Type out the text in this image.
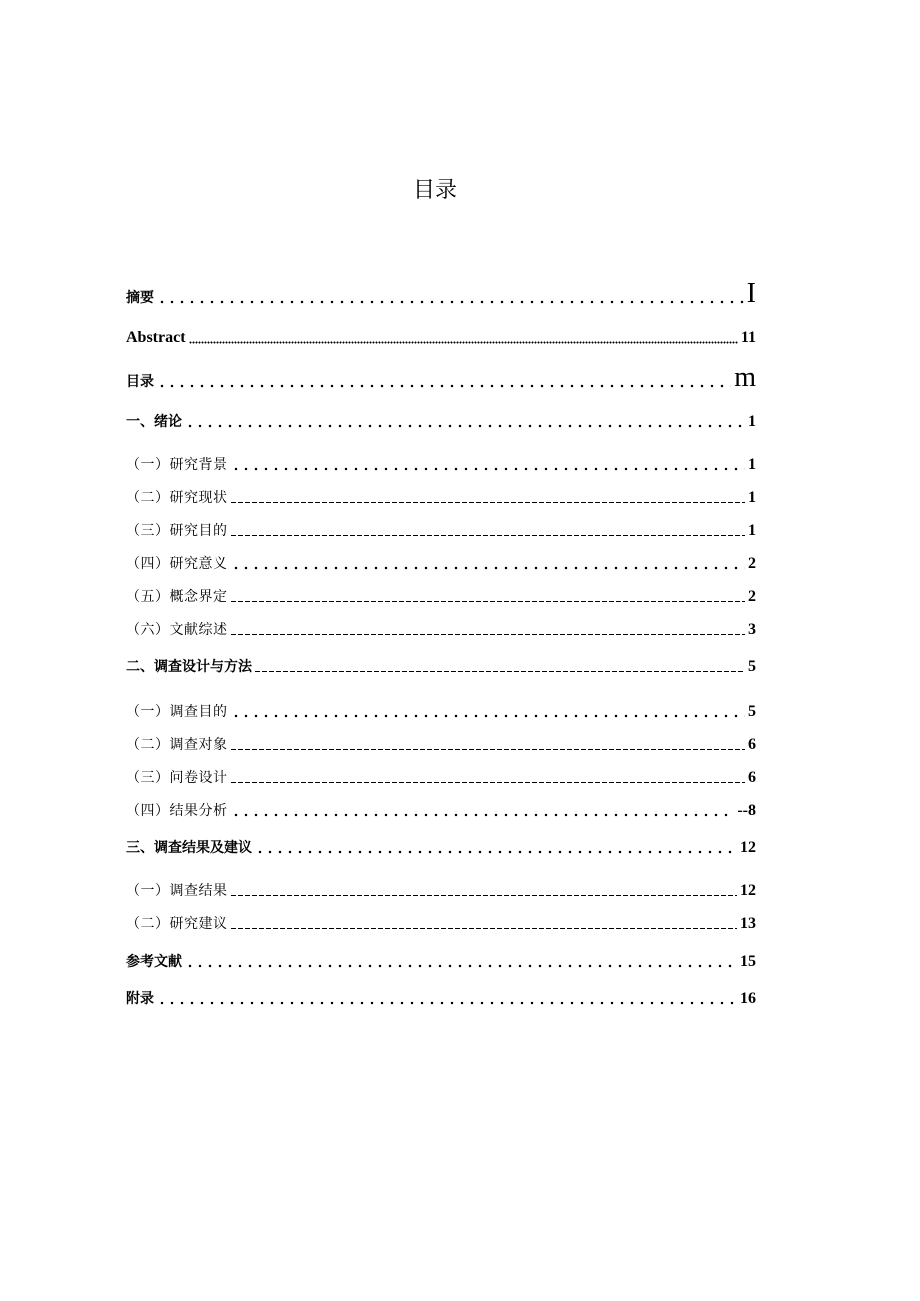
目录
摘要	I
Abstract	11
目录	m
一、绪论	1
（一）研究背景	1
（二）研究现状	1
（三）研究目的	1
（四）研究意义	2
（五）概念界定	2
（六）文献综述	3
二、调查设计与方法	5
（一）调查目的	5
（二）调查对象	6
（三）问卷设计	6
（四）结果分析	--8
三、调查结果及建议	12
（一）调查结果	12
（二）研究建议	13
参考文献	15
附录	16
